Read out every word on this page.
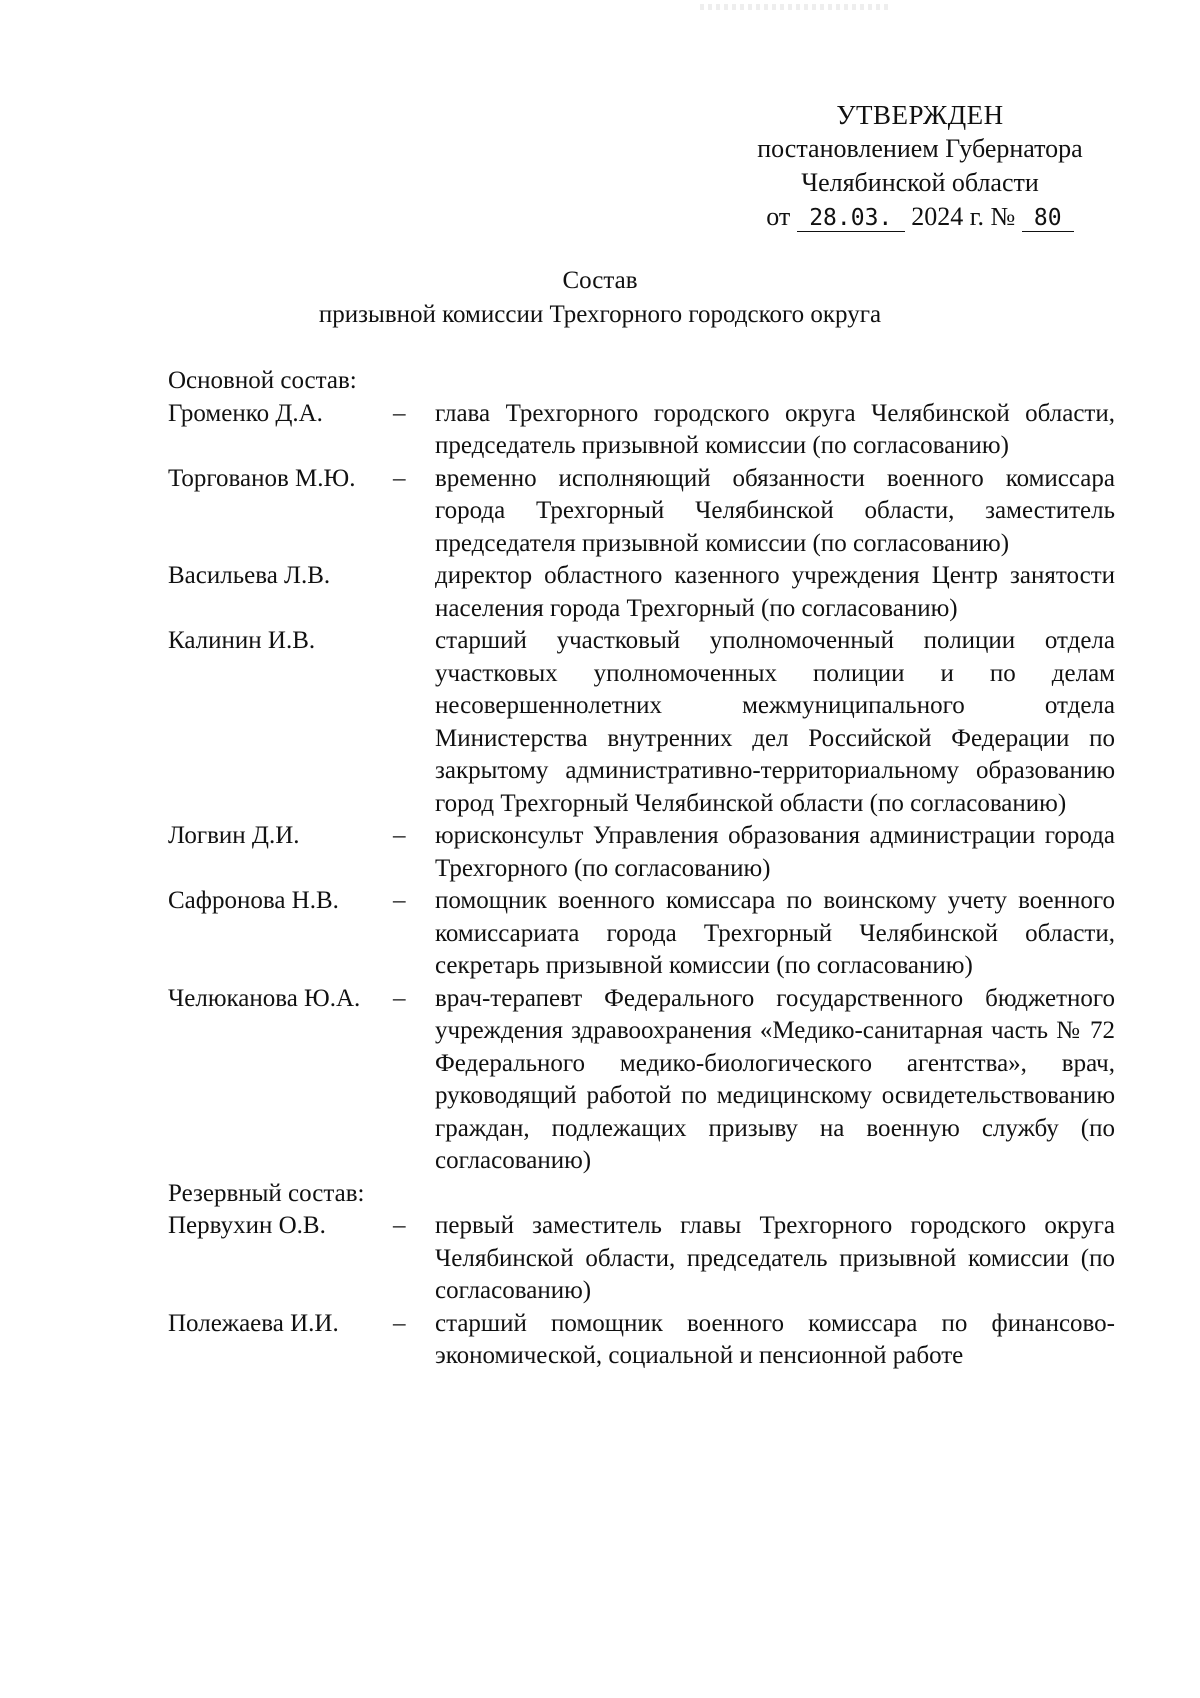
УТВЕРЖДЕН
постановлением Губернатора
Челябинской области
от 28.03. 2024 г. № 80
Состав
призывной комиссии Трехгорного городского округа
Основной состав:
Громенко Д.А.	–	глава Трехгорного городского округа Челябинской области, председатель призывной комиссии (по согласованию)
Торгованов М.Ю.	–	временно исполняющий обязанности военного комиссара города Трехгорный Челябинской области, заместитель председателя призывной комиссии (по согласованию)
Васильева Л.В.	директор областного казенного учреждения Центр занятости населения города Трехгорный (по согласованию)
Калинин И.В.	старший участковый уполномоченный полиции отдела участковых уполномоченных полиции и по делам несовершеннолетних межмуниципального отдела Министерства внутренних дел Российской Федерации по закрытому административно-территориальному образованию город Трехгорный Челябинской области (по согласованию)
Логвин Д.И.	–	юрисконсульт Управления образования администрации города Трехгорного (по согласованию)
Сафронова Н.В.	–	помощник военного комиссара по воинскому учету военного комиссариата города Трехгорный Челябинской области, секретарь призывной комиссии (по согласованию)
Челюканова Ю.А.	–	врач-терапевт Федерального государственного бюджетного учреждения здравоохранения «Медико-санитарная часть № 72 Федерального медико-биологического агентства», врач, руководящий работой по медицинскому освидетельствованию граждан, подлежащих призыву на военную службу (по согласованию)
Резервный состав:
Первухин О.В.	–	первый заместитель главы Трехгорного городского округа Челябинской области, председатель призывной комиссии (по согласованию)
Полежаева И.И.	–	старший помощник военного комиссара по финансово-экономической, социальной и пенсионной работе
